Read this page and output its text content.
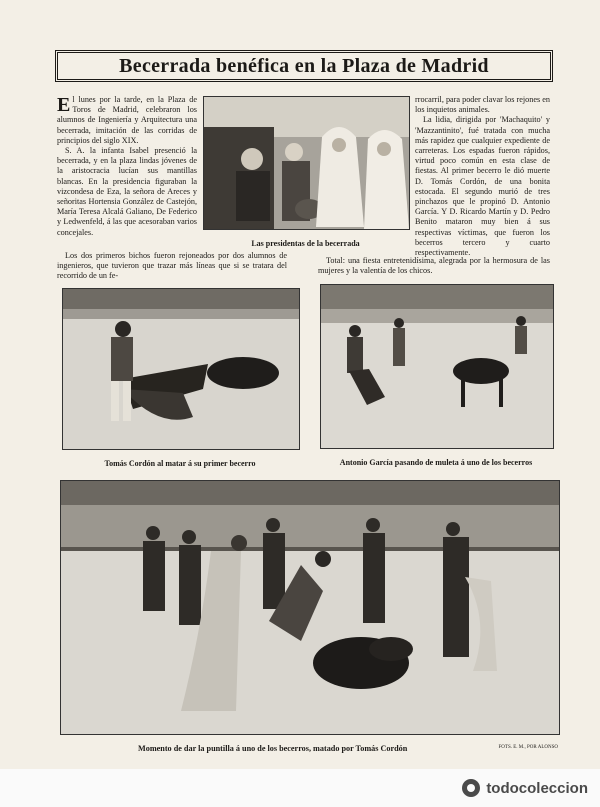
Becerrada benéfica en la Plaza de Madrid

El lunes por la tarde, en la Plaza de Toros de Madrid, celebraron los alumnos de Ingeniería y Arquitectura una becerrada, imitación de las corridas de principios del siglo XIX.

S. A. la infanta Isabel presenció la becerrada, y en la plaza lindas jóvenes de la aristocracia lucían sus mantillas blancas. En la presidencia figuraban la vizcondesa de Eza, la señora de Areces y señoritas Hortensia González de Castejón, María Teresa Alcalá Galiano, De Federico y Ledwenfeld, á las que acesoraban varios concejales.

Las presidentas de la becerrada

rrocarril, para poder clavar los rejones en los inquietos animales.

La lidia, dirigida por 'Machaquito' y 'Mazzantinito', fué tratada con mucha más rapidez que cualquier expediente de carreteras. Los espadas fueron rápidos, virtud poco común en esta clase de fiestas. Al primer becerro le dió muerte D. Tomás Cordón, de una bonita estocada. El segundo murió de tres pinchazos que le propinó D. Antonio García. Y D. Ricardo Martín y D. Pedro Benito mataron muy bien á sus respectivas víctimas, que fueron los becerros tercero y cuarto respectivamente.

Los dos primeros bichos fueron rejoneados por dos alumnos de ingenieros, que tuvieron que trazar más líneas que si se tratara del recorrido de un fe-

Total: una fiesta entretenidísima, alegrada por la hermosura de las mujeres y la valentía de los chicos.

Tomás Cordón al matar á su primer becerro	Antonio García pasando de muleta á uno de los becerros
Momento de dar la puntilla á uno de los becerros, matado por Tomás Cordón	FOTS. E. M., POR ALONSO
todocoleccion
